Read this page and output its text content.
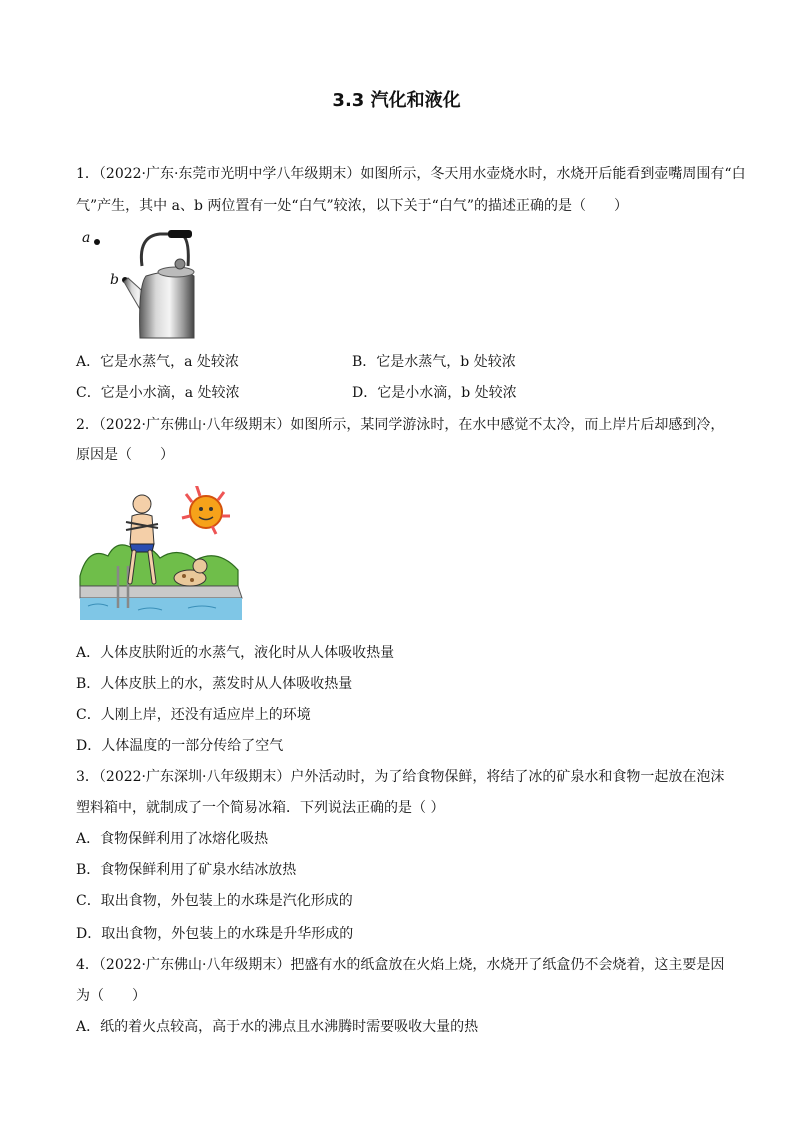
3.3 汽化和液化
1．（2022·广东·东莞市光明中学八年级期末）如图所示，冬天用水壶烧水时，水烧开后能看到壶嘴周围有“白
气”产生，其中 a、b 两位置有一处“白气”较浓，以下关于“白气”的描述正确的是（　　）
a
b
A．它是水蒸气，a 处较浓	B．它是水蒸气，b 处较浓
C．它是小水滴，a 处较浓	D．它是小水滴，b 处较浓
2．（2022·广东佛山·八年级期末）如图所示，某同学游泳时，在水中感觉不太冷，而上岸片后却感到冷，
原因是（　　）
A．人体皮肤附近的水蒸气，液化时从人体吸收热量
B．人体皮肤上的水，蒸发时从人体吸收热量
C．人刚上岸，还没有适应岸上的环境
D．人体温度的一部分传给了空气
3．（2022·广东深圳·八年级期末）户外活动时，为了给食物保鲜，将结了冰的矿泉水和食物一起放在泡沫
塑料箱中，就制成了一个简易冰箱．下列说法正确的是（ ）
A．食物保鲜利用了冰熔化吸热
B．食物保鲜利用了矿泉水结冰放热
C．取出食物，外包装上的水珠是汽化形成的
D．取出食物，外包装上的水珠是升华形成的
4．（2022·广东佛山·八年级期末）把盛有水的纸盒放在火焰上烧，水烧开了纸盒仍不会烧着，这主要是因
为（　　）
A．纸的着火点较高，高于水的沸点且水沸腾时需要吸收大量的热
